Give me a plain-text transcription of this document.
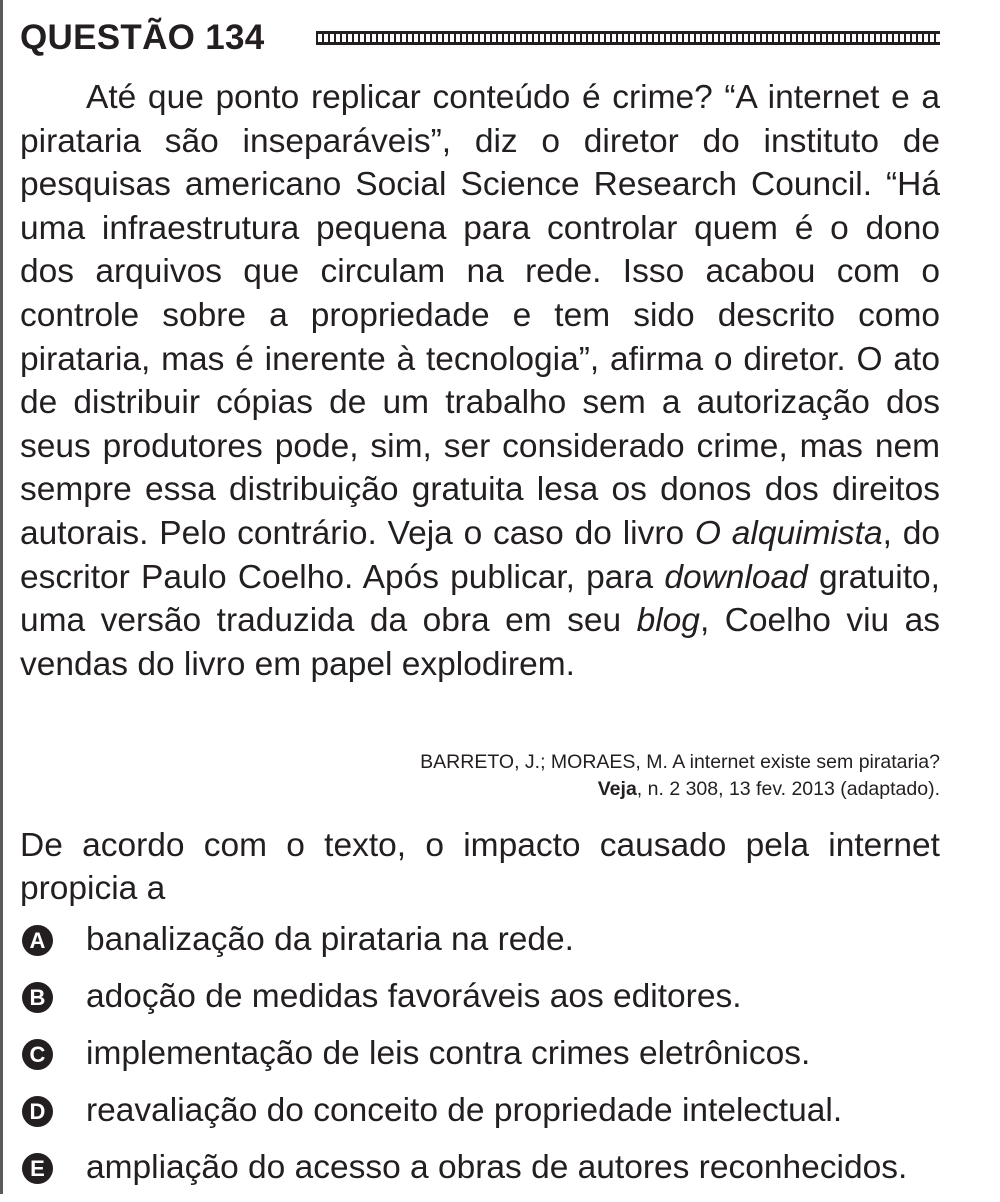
QUESTÃO 134

Até que ponto replicar conteúdo é crime? “A internet e a pirataria são inseparáveis”, diz o diretor do instituto de pesquisas americano Social Science Research Council. “Há uma infraestrutura pequena para controlar quem é o dono dos arquivos que circulam na rede. Isso acabou com o controle sobre a propriedade e tem sido descrito como pirataria, mas é inerente à tecnologia”, afirma o diretor. O ato de distribuir cópias de um trabalho sem a autorização dos seus produtores pode, sim, ser considerado crime, mas nem sempre essa distribuição gratuita lesa os donos dos direitos autorais. Pelo contrário. Veja o caso do livro O alquimista, do escritor Paulo Coelho. Após publicar, para download gratuito, uma versão traduzida da obra em seu blog, Coelho viu as vendas do livro em papel explodirem.

BARRETO, J.; MORAES, M. A internet existe sem pirataria?
Veja, n. 2 308, 13 fev. 2013 (adaptado).
De acordo com o texto, o impacto causado pela internet propicia a
A banalização da pirataria na rede.
B adoção de medidas favoráveis aos editores.
C implementação de leis contra crimes eletrônicos.
D reavaliação do conceito de propriedade intelectual.
E ampliação do acesso a obras de autores reconhecidos.
